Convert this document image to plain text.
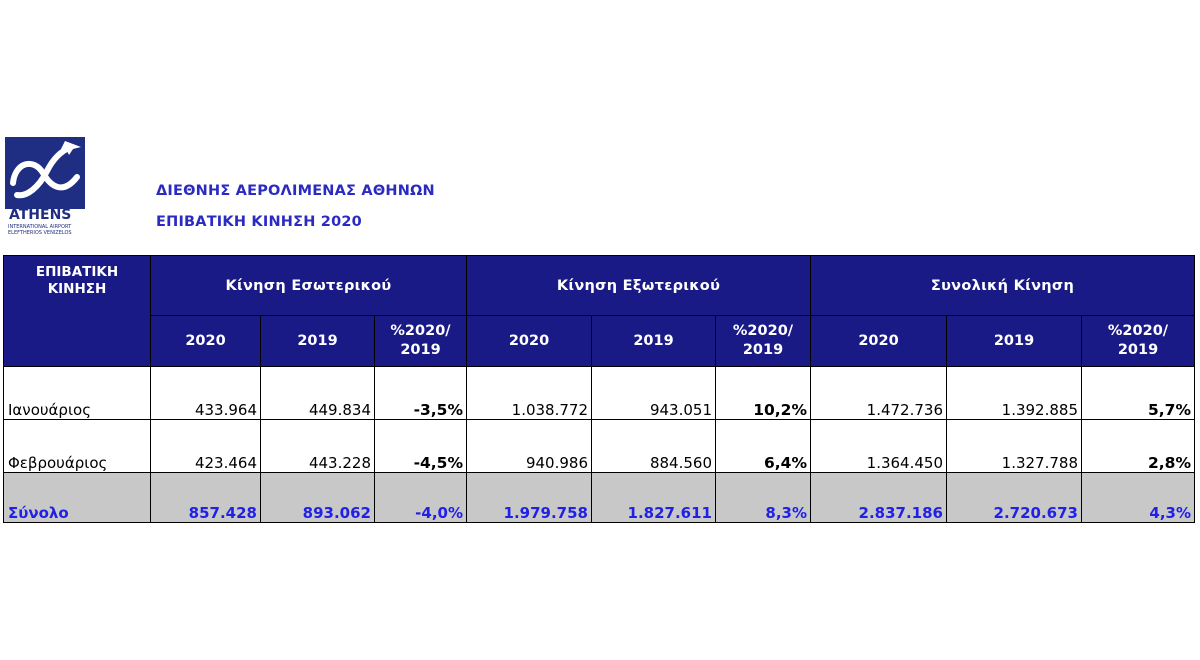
ATHENS
INTERNATIONAL AIRPORT
ELEFTHERIOS VENIZELOS
ΔΙΕΘΝΗΣ ΑΕΡΟΛΙΜΕΝΑΣ ΑΘΗΝΩΝ
ΕΠΙΒΑΤΙΚΗ ΚΙΝΗΣΗ 2020
ΕΠΙΒΑΤΙΚΗ ΚΙΝΗΣΗ	Κίνηση Εσωτερικού			Κίνηση Εξωτερικού			Συνολική Κίνηση		
	2020	2019	%2020/
2019	2020	2019	%2020/
2019	2020	2019	%2020/
2019
Ιανουάριος	433.964	449.834	-3,5%	1.038.772	943.051	10,2%	1.472.736	1.392.885	5,7%
Φεβρουάριος	423.464	443.228	-4,5%	940.986	884.560	6,4%	1.364.450	1.327.788	2,8%
Σύνολο	857.428	893.062	-4,0%	1.979.758	1.827.611	8,3%	2.837.186	2.720.673	4,3%
